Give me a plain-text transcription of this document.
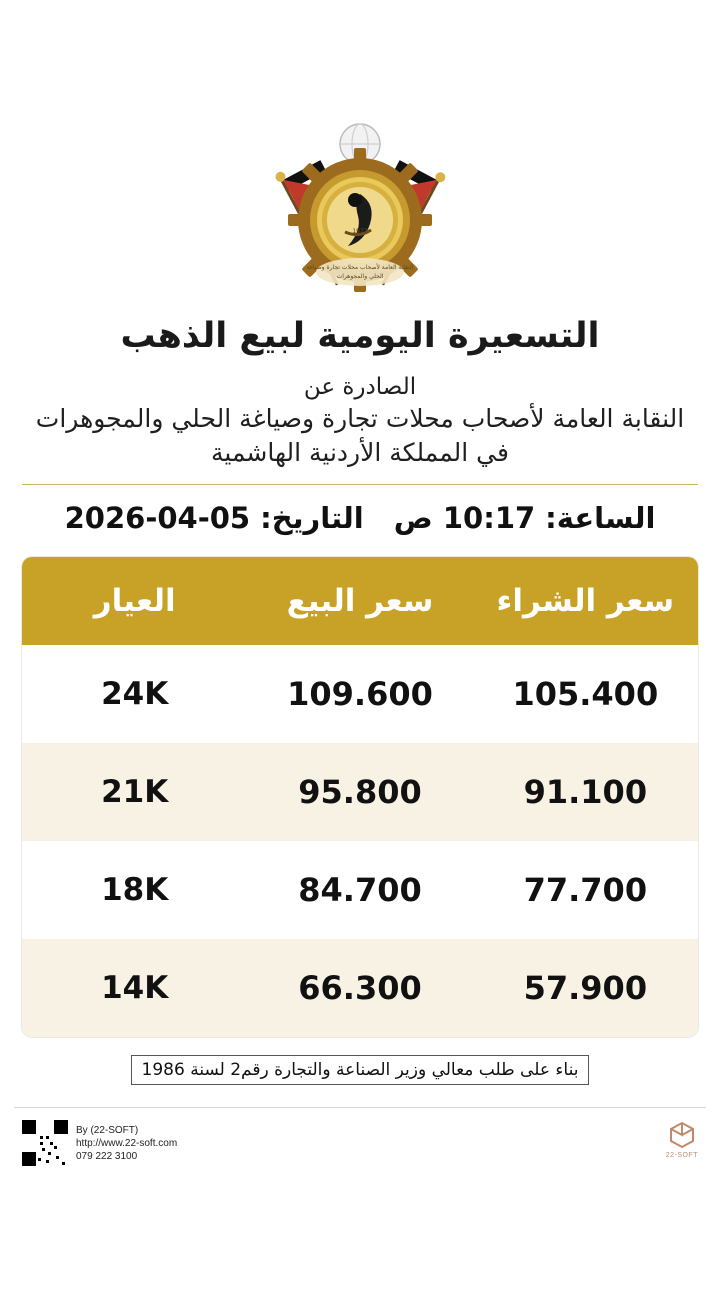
النقابة العامة لأصحاب محلات تجارة وصياغة
الحلي والمجوهرات
1972
التسعيرة اليومية لبيع الذهب
الصادرة عن
النقابة العامة لأصحاب محلات تجارة وصياغة الحلي والمجوهرات
في المملكة الأردنية الهاشمية
التاريخ:
2026-04-05	الساعة:
10:17 ص
سعر الشراء
سعر البيع
العيار
105.400
109.600
24K
91.100
95.800
21K
77.700
84.700
18K
57.900
66.300
14K
بناء على طلب معالي وزير الصناعة والتجارة رقم2 لسنة 1986
By (22-SOFT)
http://www.22-soft.com
079 222 3100	22-SOFT
